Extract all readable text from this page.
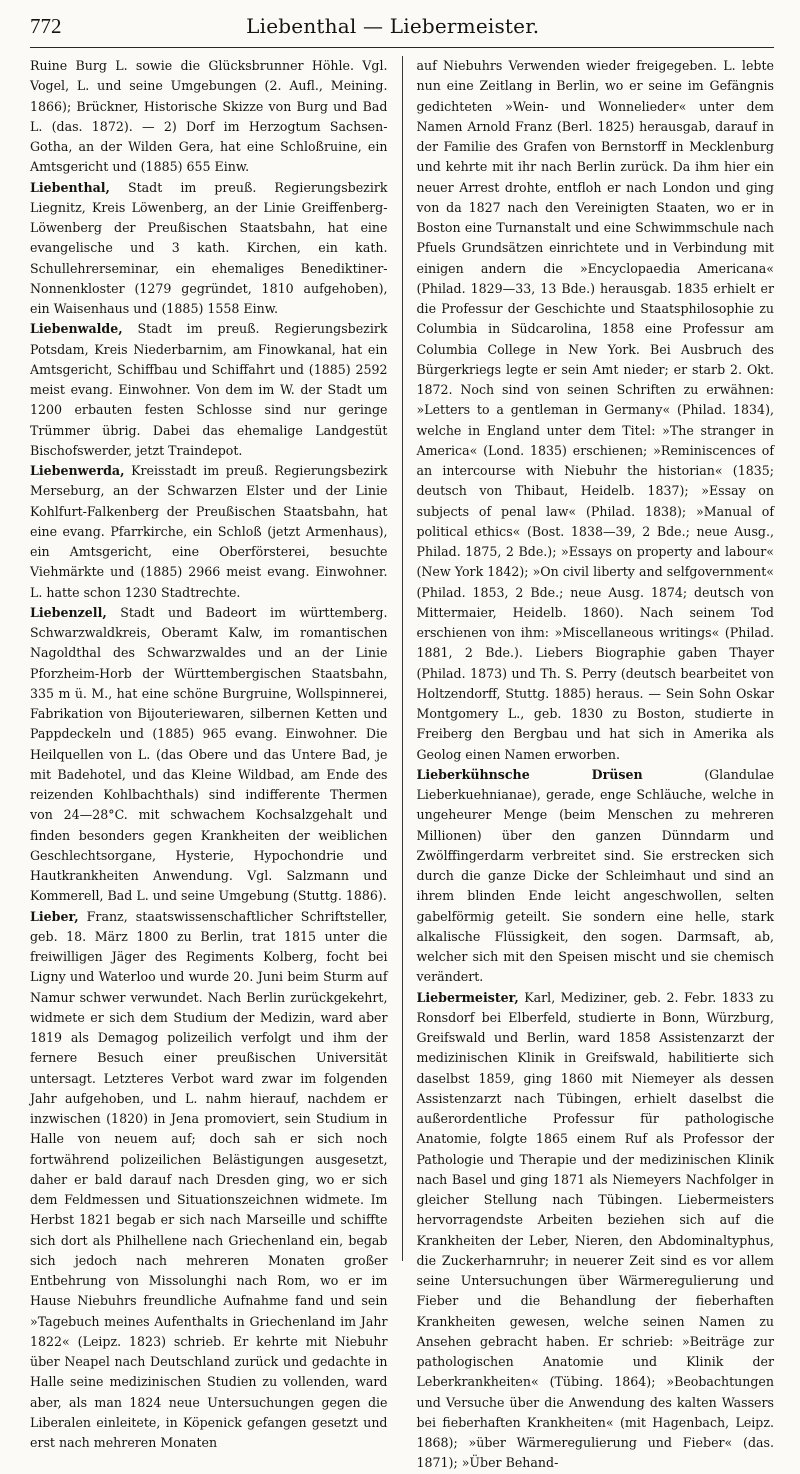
772	Liebenthal — Liebermeister.

Ruine Burg L. sowie die Glücksbrunner Höhle. Vgl. Vogel, L. und seine Umgebungen (2. Aufl., Meining. 1866); Brückner, Historische Skizze von Burg und Bad L. (das. 1872). — 2) Dorf im Herzogtum Sachsen-Gotha, an der Wilden Gera, hat eine Schloßruine, ein Amtsgericht und (1885) 655 Einw.

Liebenthal, Stadt im preuß. Regierungsbezirk Liegnitz, Kreis Löwenberg, an der Linie Greiffenberg-Löwenberg der Preußischen Staatsbahn, hat eine evangelische und 3 kath. Kirchen, ein kath. Schullehrerseminar, ein ehemaliges Benediktiner-Nonnenkloster (1279 gegründet, 1810 aufgehoben), ein Waisenhaus und (1885) 1558 Einw.

Liebenwalde, Stadt im preuß. Regierungsbezirk Potsdam, Kreis Niederbarnim, am Finowkanal, hat ein Amtsgericht, Schiffbau und Schiffahrt und (1885) 2592 meist evang. Einwohner. Von dem im W. der Stadt um 1200 erbauten festen Schlosse sind nur geringe Trümmer übrig. Dabei das ehemalige Landgestüt Bischofswerder, jetzt Traindepot.

Liebenwerda, Kreisstadt im preuß. Regierungsbezirk Merseburg, an der Schwarzen Elster und der Linie Kohlfurt-Falkenberg der Preußischen Staatsbahn, hat eine evang. Pfarrkirche, ein Schloß (jetzt Armenhaus), ein Amtsgericht, eine Oberförsterei, besuchte Viehmärkte und (1885) 2966 meist evang. Einwohner. L. hatte schon 1230 Stadtrechte.

Liebenzell, Stadt und Badeort im württemberg. Schwarzwaldkreis, Oberamt Kalw, im romantischen Nagoldthal des Schwarzwaldes und an der Linie Pforzheim-Horb der Württembergischen Staatsbahn, 335 m ü. M., hat eine schöne Burgruine, Wollspinnerei, Fabrikation von Bijouteriewaren, silbernen Ketten und Pappdeckeln und (1885) 965 evang. Einwohner. Die Heilquellen von L. (das Obere und das Untere Bad, je mit Badehotel, und das Kleine Wildbad, am Ende des reizenden Kohlbachthals) sind indifferente Thermen von 24—28°C. mit schwachem Kochsalzgehalt und finden besonders gegen Krankheiten der weiblichen Geschlechtsorgane, Hysterie, Hypochondrie und Hautkrankheiten Anwendung. Vgl. Salzmann und Kommerell, Bad L. und seine Umgebung (Stuttg. 1886).

Lieber, Franz, staatswissenschaftlicher Schriftsteller, geb. 18. März 1800 zu Berlin, trat 1815 unter die freiwilligen Jäger des Regiments Kolberg, focht bei Ligny und Waterloo und wurde 20. Juni beim Sturm auf Namur schwer verwundet. Nach Berlin zurückgekehrt, widmete er sich dem Studium der Medizin, ward aber 1819 als Demagog polizeilich verfolgt und ihm der fernere Besuch einer preußischen Universität untersagt. Letzteres Verbot ward zwar im folgenden Jahr aufgehoben, und L. nahm hierauf, nachdem er inzwischen (1820) in Jena promoviert, sein Studium in Halle von neuem auf; doch sah er sich noch fortwährend polizeilichen Belästigungen ausgesetzt, daher er bald darauf nach Dresden ging, wo er sich dem Feldmessen und Situationszeichnen widmete. Im Herbst 1821 begab er sich nach Marseille und schiffte sich dort als Philhellene nach Griechenland ein, begab sich jedoch nach mehreren Monaten großer Entbehrung von Missolunghi nach Rom, wo er im Hause Niebuhrs freundliche Aufnahme fand und sein »Tagebuch meines Aufenthalts in Griechenland im Jahr 1822« (Leipz. 1823) schrieb. Er kehrte mit Niebuhr über Neapel nach Deutschland zurück und gedachte in Halle seine medizinischen Studien zu vollenden, ward aber, als man 1824 neue Untersuchungen gegen die Liberalen einleitete, in Köpenick gefangen gesetzt und erst nach mehreren Monaten

auf Niebuhrs Verwenden wieder freigegeben. L. lebte nun eine Zeitlang in Berlin, wo er seine im Gefängnis gedichteten »Wein- und Wonnelieder« unter dem Namen Arnold Franz (Berl. 1825) herausgab, darauf in der Familie des Grafen von Bernstorff in Mecklenburg und kehrte mit ihr nach Berlin zurück. Da ihm hier ein neuer Arrest drohte, entfloh er nach London und ging von da 1827 nach den Vereinigten Staaten, wo er in Boston eine Turnanstalt und eine Schwimmschule nach Pfuels Grundsätzen einrichtete und in Verbindung mit einigen andern die »Encyclopaedia Americana« (Philad. 1829—33, 13 Bde.) herausgab. 1835 erhielt er die Professur der Geschichte und Staatsphilosophie zu Columbia in Südcarolina, 1858 eine Professur am Columbia College in New York. Bei Ausbruch des Bürgerkriegs legte er sein Amt nieder; er starb 2. Okt. 1872. Noch sind von seinen Schriften zu erwähnen: »Letters to a gentleman in Germany« (Philad. 1834), welche in England unter dem Titel: »The stranger in America« (Lond. 1835) erschienen; »Reminiscences of an intercourse with Niebuhr the historian« (1835; deutsch von Thibaut, Heidelb. 1837); »Essay on subjects of penal law« (Philad. 1838); »Manual of political ethics« (Bost. 1838—39, 2 Bde.; neue Ausg., Philad. 1875, 2 Bde.); »Essays on property and labour« (New York 1842); »On civil liberty and selfgovernment« (Philad. 1853, 2 Bde.; neue Ausg. 1874; deutsch von Mittermaier, Heidelb. 1860). Nach seinem Tod erschienen von ihm: »Miscellaneous writings« (Philad. 1881, 2 Bde.). Liebers Biographie gaben Thayer (Philad. 1873) und Th. S. Perry (deutsch bearbeitet von Holtzendorff, Stuttg. 1885) heraus. — Sein Sohn Oskar Montgomery L., geb. 1830 zu Boston, studierte in Freiberg den Bergbau und hat sich in Amerika als Geolog einen Namen erworben.

Lieberkühnsche Drüsen (Glandulae Lieberkuehnianae), gerade, enge Schläuche, welche in ungeheurer Menge (beim Menschen zu mehreren Millionen) über den ganzen Dünndarm und Zwölffingerdarm verbreitet sind. Sie erstrecken sich durch die ganze Dicke der Schleimhaut und sind an ihrem blinden Ende leicht angeschwollen, selten gabelförmig geteilt. Sie sondern eine helle, stark alkalische Flüssigkeit, den sogen. Darmsaft, ab, welcher sich mit den Speisen mischt und sie chemisch verändert.

Liebermeister, Karl, Mediziner, geb. 2. Febr. 1833 zu Ronsdorf bei Elberfeld, studierte in Bonn, Würzburg, Greifswald und Berlin, ward 1858 Assistenzarzt der medizinischen Klinik in Greifswald, habilitierte sich daselbst 1859, ging 1860 mit Niemeyer als dessen Assistenzarzt nach Tübingen, erhielt daselbst die außerordentliche Professur für pathologische Anatomie, folgte 1865 einem Ruf als Professor der Pathologie und Therapie und der medizinischen Klinik nach Basel und ging 1871 als Niemeyers Nachfolger in gleicher Stellung nach Tübingen. Liebermeisters hervorragendste Arbeiten beziehen sich auf die Krankheiten der Leber, Nieren, den Abdominaltyphus, die Zuckerharnruhr; in neuerer Zeit sind es vor allem seine Untersuchungen über Wärmeregulierung und Fieber und die Behandlung der fieberhaften Krankheiten gewesen, welche seinen Namen zu Ansehen gebracht haben. Er schrieb: »Beiträge zur pathologischen Anatomie und Klinik der Leberkrankheiten« (Tübing. 1864); »Beobachtungen und Versuche über die Anwendung des kalten Wassers bei fieberhaften Krankheiten« (mit Hagenbach, Leipz. 1868); »über Wärmeregulierung und Fieber« (das. 1871); »Über Behand-
